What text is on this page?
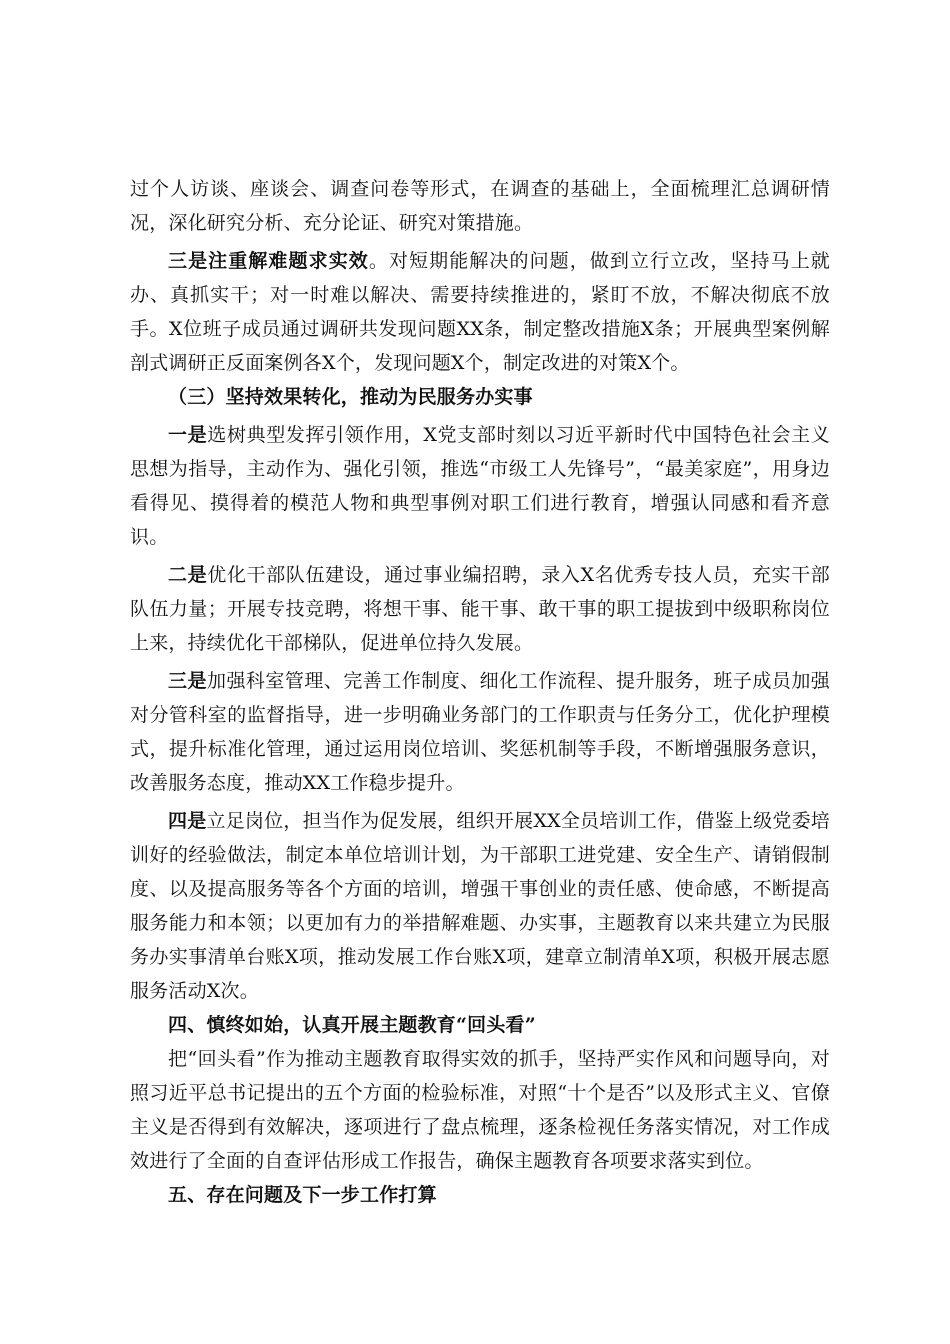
过个人访谈、座谈会、调查问卷等形式，在调查的基础上，全面梳理汇总调研情况，深化研究分析、充分论证、研究对策措施。

三是注重解难题求实效。对短期能解决的问题，做到立行立改，坚持马上就办、真抓实干；对一时难以解决、需要持续推进的，紧盯不放，不解决彻底不放手。X位班子成员通过调研共发现问题XX条，制定整改措施X条；开展典型案例解剖式调研正反面案例各X个，发现问题X个，制定改进的对策X个。

（三）坚持效果转化，推动为民服务办实事

一是选树典型发挥引领作用，X党支部时刻以习近平新时代中国特色社会主义思想为指导，主动作为、强化引领，推选“市级工人先锋号”，“最美家庭”，用身边看得见、摸得着的模范人物和典型事例对职工们进行教育，增强认同感和看齐意识。

二是优化干部队伍建设，通过事业编招聘，录入X名优秀专技人员，充实干部队伍力量；开展专技竞聘，将想干事、能干事、敢干事的职工提拔到中级职称岗位上来，持续优化干部梯队，促进单位持久发展。

三是加强科室管理、完善工作制度、细化工作流程、提升服务，班子成员加强对分管科室的监督指导，进一步明确业务部门的工作职责与任务分工，优化护理模式，提升标准化管理，通过运用岗位培训、奖惩机制等手段，不断增强服务意识，改善服务态度，推动XX工作稳步提升。

四是立足岗位，担当作为促发展，组织开展XX全员培训工作，借鉴上级党委培训好的经验做法，制定本单位培训计划，为干部职工进党建、安全生产、请销假制度、以及提高服务等各个方面的培训，增强干事创业的责任感、使命感，不断提高服务能力和本领；以更加有力的举措解难题、办实事，主题教育以来共建立为民服务办实事清单台账X项，推动发展工作台账X项，建章立制清单X项，积极开展志愿服务活动X次。

四、慎终如始，认真开展主题教育“回头看”

把“回头看”作为推动主题教育取得实效的抓手，坚持严实作风和问题导向，对照习近平总书记提出的五个方面的检验标准，对照“十个是否”以及形式主义、官僚主义是否得到有效解决，逐项进行了盘点梳理，逐条检视任务落实情况，对工作成效进行了全面的自查评估形成工作报告，确保主题教育各项要求落实到位。

五、存在问题及下一步工作打算
